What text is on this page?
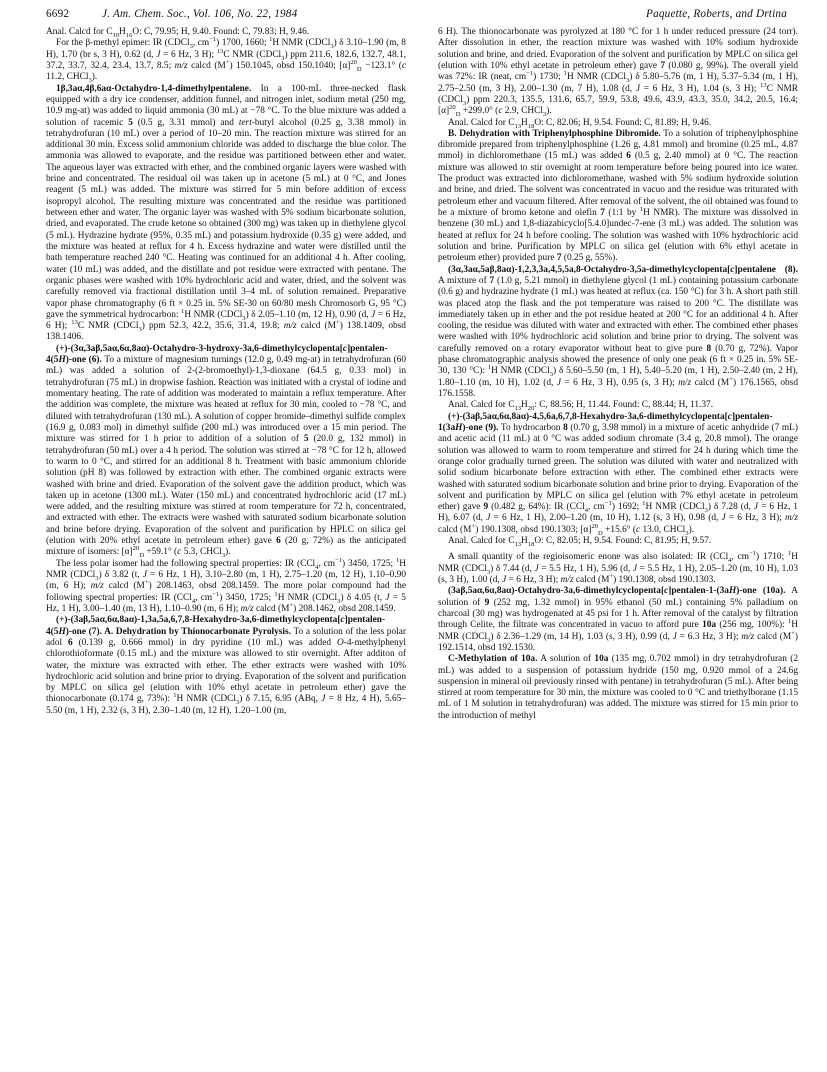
6692	J. Am. Chem. Soc., Vol. 106, No. 22, 1984	Paquette, Roberts, and Drtina

Anal. Calcd for $C_{10}H_{16}O$: C, 79.95; H, 9.40. Found: C, 79.83; H, 9.46.

For the β-methyl epimer: IR (CDCl$_3$, $cm^{-1}$) 1700, 1660; $^1$H NMR (CDCl$_3$) δ 3.10–1.90 (m, 8 H), 1.70 (br s, 3 H), 0.62 (d, J = 6 Hz, 3 H); $^{13}$C NMR (CDCl$_3$) ppm 211.6, 182.6, 132.7, 48.1, 37.2, 33.7, 32.4, 23.4, 13.7, 8.5; m/z calcd (M+) 150.1045, obsd 150.1040; $[\alpha]^{20}_D -123.1^\circ$ (c 11.2, CHCl$_3$).

1β,3aα,4β,6aα-Octahydro-1,4-dimethylpentalene. In a 100-mL three-necked flask equipped with a dry ice condenser, addition funnel, and nitrogen inlet, sodium metal (250 mg, 10.9 mg-at) was added to liquid ammonia (30 mL) at −78 °C. To the blue mixture was added a solution of racemic 5 (0.5 g, 3.31 mmol) and tert-butyl alcohol (0.25 g, 3.38 mmol) in tetrahydrofuran (10 mL) over a period of 10–20 min. The reaction mixture was stirred for an additional 30 min. Excess solid ammonium chloride was added to discharge the blue color. The ammonia was allowed to evaporate, and the residue was partitioned between ether and water. The aqueous layer was extracted with ether, and the combined organic layers were washed with brine and concentrated. The residual oil was taken up in acetone (5 mL) at 0 °C, and Jones reagent (5 mL) was added. The mixture was stirred for 5 min before addition of excess isopropyl alcohol. The resulting mixture was concentrated and the residue was partitioned between ether and water. The organic layer was washed with 5% sodium bicarbonate solution, dried, and evaporated. The crude ketone so obtained (300 mg) was taken up in diethylene glycol (5 mL). Hydrazine hydrate (95%, 0.35 mL) and potassium hydroxide (0.35 g) were added, and the mixture was heated at reflux for 4 h. Excess hydrazine and water were distilled until the bath temperature reached 240 °C. Heating was continued for an additional 4 h. After cooling, water (10 mL) was added, and the distillate and pot residue were extracted with pentane. The organic phases were washed with 10% hydrochloric acid and water, dried, and the solvent was carefully removed via fractional distillation until 3–4 mL of solution remained. Preparative vapor phase chromatography (6 ft × 0.25 in. 5% SE-30 on 60/80 mesh Chromosorb G, 95 °C) gave the symmetrical hydrocarbon: $^1$H NMR (CDCl$_3$) δ 2.05–1.10 (m, 12 H), 0.90 (d, J = 6 Hz, 6 H); $^{13}$C NMR (CDCl$_3$) ppm 52.3, 42.2, 35.6, 31.4, 19.8; m/z calcd (M+) 138.1409, obsd 138.1406.

(+)-(3α,3aβ,5aα,6α,8aα)-Octahydro-3-hydroxy-3a,6-dimethylcyclopenta[c]pentalen-4(5H)-one (6). To a mixture of magnesium turnings (12.0 g, 0.49 mg-at) in tetrahydrofuran (60 mL) was added a solution of 2-(2-bromoethyl)-1,3-dioxane (64.5 g, 0.33 mol) in tetrahydrofuran (75 mL) in dropwise fashion. Reaction was initiated with a crystal of iodine and momentary heating. The rate of addition was moderated to maintain a reflux temperature. After the addition was complete, the mixture was heated at reflux for 30 min, cooled to −78 °C, and diluted with tetrahydrofuran (130 mL). A solution of copper bromide–dimethyl sulfide complex (16.9 g, 0.083 mol) in dimethyl sulfide (200 mL) was introduced over a 15 min period. The mixture was stirred for 1 h prior to addition of a solution of 5 (20.0 g, 132 mmol) in tetrahydrofuran (50 mL) over a 4 h period. The solution was stirred at −78 °C for 12 h, allowed to warm to 0 °C, and stirred for an additional 8 h. Treatment with basic ammonium chloride solution (pH 8) was followed by extraction with ether. The combined organic extracts were washed with brine and dried. Evaporation of the solvent gave the addition product, which was taken up in acetone (1300 mL). Water (150 mL) and concentrated hydrochloric acid (17 mL) were added, and the resulting mixture was stirred at room temperature for 72 h, concentrated, and extracted with ether. The extracts were washed with saturated sodium bicarbonate solution and brine before drying. Evaporation of the solvent and purification by HPLC on silica gel (elution with 20% ethyl acetate in petroleum ether) gave 6 (20 g, 72%) as the anticipated mixture of isomers: $[\alpha]^{20}_D +59.1^\circ$ (c 5.3, CHCl$_3$).

The less polar isomer had the following spectral properties: IR (CCl$_4$, $cm^{-1}$) 3450, 1725; $^1$H NMR (CDCl$_3$) δ 3.82 (t, J = 6 Hz, 1 H), 3.10–2.80 (m, 1 H), 2.75–1.20 (m, 12 H), 1.10–0.90 (m, 6 H); m/z calcd (M+) 208.1463, obsd 208.1459. The more polar compound had the following spectral properties: IR (CCl$_4$, $cm^{-1}$) 3450, 1725; $^1$H NMR (CDCl$_3$) δ 4.05 (t, J = 5 Hz, 1 H), 3.00–1.40 (m, 13 H), 1.10–0.90 (m, 6 H); m/z calcd (M+) 208.1462, obsd 208.1459.

(+)-(3aβ,5aα,6α,8aα)-1,3a,5a,6,7,8-Hexahydro-3a,6-dimethylcyclopenta[c]pentalen-4(5H)-one (7). A. Dehydration by Thionocarbonate Pyrolysis. To a solution of the less polar adol 6 (0.139 g, 0.666 mmol) in dry pyridine (10 mL) was added O-4-methylphenyl chlorothioformate (0.15 mL) and the mixture was allowed to stir overnight. After additon of water, the mixture was extracted with ether. The ether extracts were washed with 10% hydrochloric acid solution and brine prior to drying. Evaporation of the solvent and purification by MPLC on silica gel (elution with 10% ethyl acetate in petroleum ether) gave the thionocarbonate (0.174 g, 73%): $^1$H NMR (CDCl$_3$) δ 7.15, 6.95 (ABq, J = 8 Hz, 4 H), 5.65–5.50 (m, 1 H), 2.32 (s, 3 H), 2.30–1.40 (m, 12 H), 1.20–1.00 (m,

6 H). The thionocarbonate was pyrolyzed at 180 °C for 1 h under reduced pressure (24 torr). After dissolution in ether, the reaction mixture was washed with 10% sodium hydroxide solution and brine, and dried. Evaporation of the solvent and purification by MPLC on silica gel (elution with 10% ethyl acetate in petroleum ether) gave 7 (0.080 g, 99%). The overall yield was 72%: IR (neat, $cm^{-1}$) 1730; $^1$H NMR (CDCl$_3$) δ 5.80–5.76 (m, 1 H), 5.37–5.34 (m, 1 H), 2.75–2.50 (m, 3 H), 2.00–1.30 (m, 7 H), 1.08 (d, J = 6 Hz, 3 H), 1.04 (s, 3 H); $^{13}$C NMR (CDCl$_3$) ppm 220.3, 135.5, 131.6, 65.7, 59.9, 53.8, 49.6, 43.9, 43.3, 35.0, 34.2, 20.5, 16.4; $[\alpha]^{20}_D +299.0^\circ$ (c 2.9, CHCl$_3$).

Anal. Calcd for $C_{13}H_{18}O$: C, 82.06; H, 9.54. Found: C, 81.89; H, 9.46.

B. Dehydration with Triphenylphosphine Dibromide. To a solution of triphenylphosphine dibromide prepared from triphenylphosphine (1.26 g, 4.81 mmol) and bromine (0.25 mL, 4.87 mmol) in dichloromethane (15 mL) was added 6 (0.5 g, 2.40 mmol) at 0 °C. The reaction mixture was allowed to stir overnight at room temperature before being poured into ice water. The product was extracted into dichloromethane, washed with 5% sodium hydroxide solution and brine, and dried. The solvent was concentrated in vacuo and the residue was triturated with petroleum ether and vacuum filtered. After removal of the solvent, the oil obtained was found to be a mixture of bromo ketone and olefin 7 (1:1 by $^1$H NMR). The mixture was dissolved in benzene (30 mL) and 1,8-diazabicyclo[5.4.0]undec-7-ene (3 mL) was added. The solution was heated at reflux for 24 h before cooling. The solution was washed with 10% hydrochloric acid solution and brine. Purification by MPLC on silica gel (elution with 6% ethyl acetate in petroleum ether) provided pure 7 (0.25 g, 55%).

(3α,3aα,5aβ,8aα)-1,2,3,3a,4,5,5a,8-Octahydro-3,5a-dimethylcyclopenta[c]pentalene (8). A mixture of 7 (1.0 g, 5.21 mmol) in diethylene glycol (1 mL) containing potassium carbonate (0.6 g) and hydrazine hydrate (1 mL) was heated at reflux (ca. 150 °C) for 3 h. A short path still was placed atop the flask and the pot temperature was raised to 200 °C. The distillate was immediately taken up in ether and the pot residue heated at 200 °C for an additional 4 h. After cooling, the residue was diluted with water and extracted with ether. The combined ether phases were washed with 10% hydrochloric acid solution and brine prior to drying. The solvent was carefully removed on a rotary evaporator without heat to give pure 8 (0.70 g, 72%). Vapor phase chromatographic analysis showed the presence of only one peak (6 ft × 0.25 in. 5% SE-30, 130 °C): $^1$H NMR (CDCl$_3$) δ 5.60–5.50 (m, 1 H), 5.40–5.20 (m, 1 H), 2.50–2.40 (m, 2 H), 1.80–1.10 (m, 10 H), 1.02 (d, J = 6 Hz, 3 H), 0.95 (s, 3 H); m/z calcd (M+) 176.1565, obsd 176.1558.

Anal. Calcd for $C_{13}H_{20}$: C, 88.56; H, 11.44. Found: C, 88.44; H, 11.37.

(+)-(3aβ,5aα,6α,8aα)-4,5,6a,6,7,8-Hexahydro-3a,6-dimethylcyclopenta[c]pentalen-1(3aH)-one (9). To hydrocarbon 8 (0.70 g, 3.98 mmol) in a mixture of acetic anhydride (7 mL) and acetic acid (11 mL) at 0 °C was added sodium chromate (3.4 g, 20.8 mmol). The orange solution was allowed to warm to room temperature and stirred for 24 h during which time the orange color gradually turned green. The solution was diluted with water and neutralized with solid sodium bicarbonate before extraction with ether. The combined ether extracts were washed with saturated sodium bicarbonate solution and brine prior to drying. Evaporation of the solvent and purification by MPLC on silica gel (elution with 7% ethyl acetate in petroleum ether) gave 9 (0.482 g, 64%): IR (CCl$_4$, $cm^{-1}$) 1692; $^1$H NMR (CDCl$_3$) δ 7.28 (d, J = 6 Hz, 1 H), 6.07 (d, J = 6 Hz, 1 H), 2.00–1.20 (m, 10 H), 1.12 (s, 3 H), 0.98 (d, J = 6 Hz, 3 H); m/z calcd (M+) 190.1308, obsd 190.1303; $[\alpha]^{20}_D +15.6^\circ$ (c 13.0, CHCl$_3$).

Anal. Calcd for $C_{13}H_{18}O$: C, 82.05; H, 9.54. Found: C, 81.95; H, 9.57.

A small quantity of the regioisomeric enone was also isolated: IR (CCl$_4$, $cm^{-1}$) 1710; $^1$H NMR (CDCl$_3$) δ 7.44 (d, J = 5.5 Hz, 1 H), 5.96 (d, J = 5.5 Hz, 1 H), 2.05–1.20 (m, 10 H), 1.03 (s, 3 H), 1.00 (d, J = 6 Hz, 3 H); m/z calcd (M+) 190.1308, obsd 190.1303.

(3aβ,5aα,6α,8aα)-Octahydro-3a,6-dimethylcyclopenta[c]pentalen-1-(3aH)-one (10a). A solution of 9 (252 mg, 1.32 mmol) in 95% ethanol (50 mL) containing 5% palladium on charcoal (30 mg) was hydrogenated at 45 psi for 1 h. After removal of the catalyst by filtration through Celite, the filtrate was concentrated in vacuo to afford pure 10a (256 mg, 100%): $^1$H NMR (CDCl$_3$) δ 2.36–1.29 (m, 14 H), 1.03 (s, 3 H), 0.99 (d, J = 6.3 Hz, 3 H); m/z calcd (M+) 192.1514, obsd 192.1530.

C-Methylation of 10a. A solution of 10a (135 mg, 0.702 mmol) in dry tetrahydrofuran (2 mL) was added to a suspension of potassium hydride (150 mg, 0.920 mmol of a 24.6g suspension in mineral oil previously rinsed with pentane) in tetrahydrofuran (5 mL). After being stirred at room temperature for 30 min, the mixture was cooled to 0 °C and triethylborane (1.15 mL of 1 M solution in tetrahydrofuran) was added. The mixture was stirred for 15 min prior to the introduction of methyl
